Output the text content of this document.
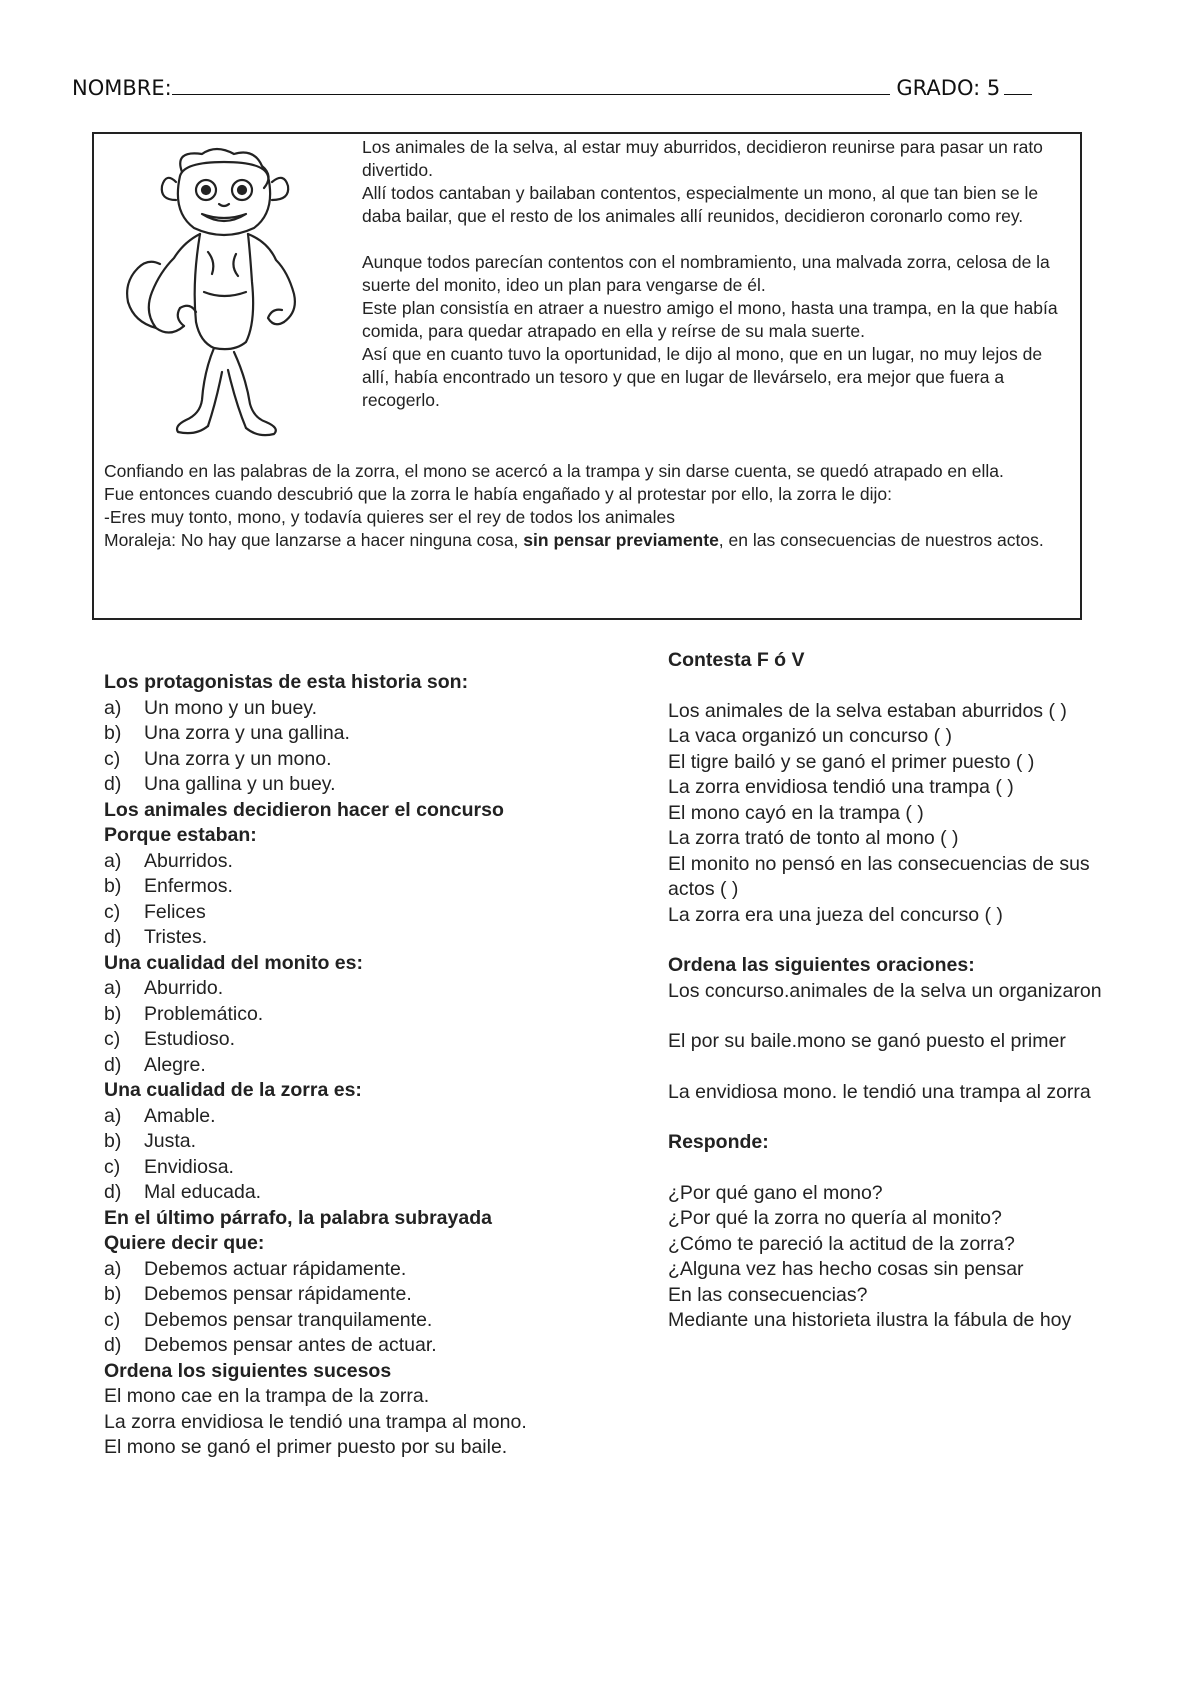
NOMBRE:	GRADO: 5

Los animales de la selva, al estar muy aburridos, decidieron reunirse para pasar un rato divertido.

Allí todos cantaban y bailaban contentos, especialmente un mono, al que tan bien se le daba bailar, que el resto de los animales allí reunidos, decidieron coronarlo como rey.

Aunque todos parecían contentos con el nombramiento, una malvada zorra, celosa de la suerte del monito, ideo un plan para vengarse de él.

Este plan consistía en atraer a nuestro amigo el mono, hasta una trampa, en la que había comida, para quedar atrapado en ella y reírse de su mala suerte.

Así que en cuanto tuvo la oportunidad, le dijo al mono, que en un lugar, no muy lejos de allí, había encontrado un tesoro y que en lugar de llevárselo, era mejor que fuera a recogerlo.

Confiando en las palabras de la zorra, el mono se acercó a la trampa y sin darse cuenta, se quedó atrapado en ella.

Fue entonces cuando descubrió que la zorra le había engañado y al protestar por ello, la zorra le dijo:

-Eres muy tonto, mono, y todavía quieres ser el rey de todos los animales

Moraleja: No hay que lanzarse a hacer ninguna cosa, sin pensar previamente, en las consecuencias de nuestros actos.

Los protagonistas de esta historia son:

a)	Un mono y un buey.
b)	Una zorra y una gallina.
c)	Una zorra y un mono.
d)	Una gallina y un buey.

Los animales decidieron hacer el concurso

Porque estaban:

a)	Aburridos.
b)	Enfermos.
c)	Felices
d)	Tristes.

Una cualidad del monito es:

a)	Aburrido.
b)	Problemático.
c)	Estudioso.
d)	Alegre.

Una cualidad de la zorra es:

a)	Amable.
b)	Justa.
c)	Envidiosa.
d)	Mal educada.

En el último párrafo, la palabra subrayada

Quiere decir que:

a)	Debemos actuar rápidamente.
b)	Debemos pensar rápidamente.
c)	Debemos pensar tranquilamente.
d)	Debemos pensar antes de actuar.

Ordena los siguientes sucesos

El mono cae en la trampa de la zorra.

La zorra envidiosa le tendió una trampa al mono.

El mono se ganó el primer puesto por su baile.

Contesta F ó V

Los animales de la selva estaban aburridos ( )

La vaca organizó un concurso ( )

El tigre bailó y se ganó el primer puesto ( )

La zorra envidiosa tendió una trampa ( )

El mono cayó en la trampa ( )

La zorra trató de tonto al mono ( )

El monito no pensó en las consecuencias de sus actos ( )

La zorra era una jueza del concurso ( )

Ordena las siguientes oraciones:

Los concurso.animales de la selva un organizaron

El por su baile.mono se ganó puesto el primer

La envidiosa mono. le tendió una trampa al zorra

Responde:

¿Por qué gano el mono?

¿Por qué la zorra no quería al monito?

¿Cómo te pareció la actitud de la zorra?

¿Alguna vez has hecho cosas sin pensar

En las consecuencias?

Mediante una historieta ilustra la fábula de hoy
